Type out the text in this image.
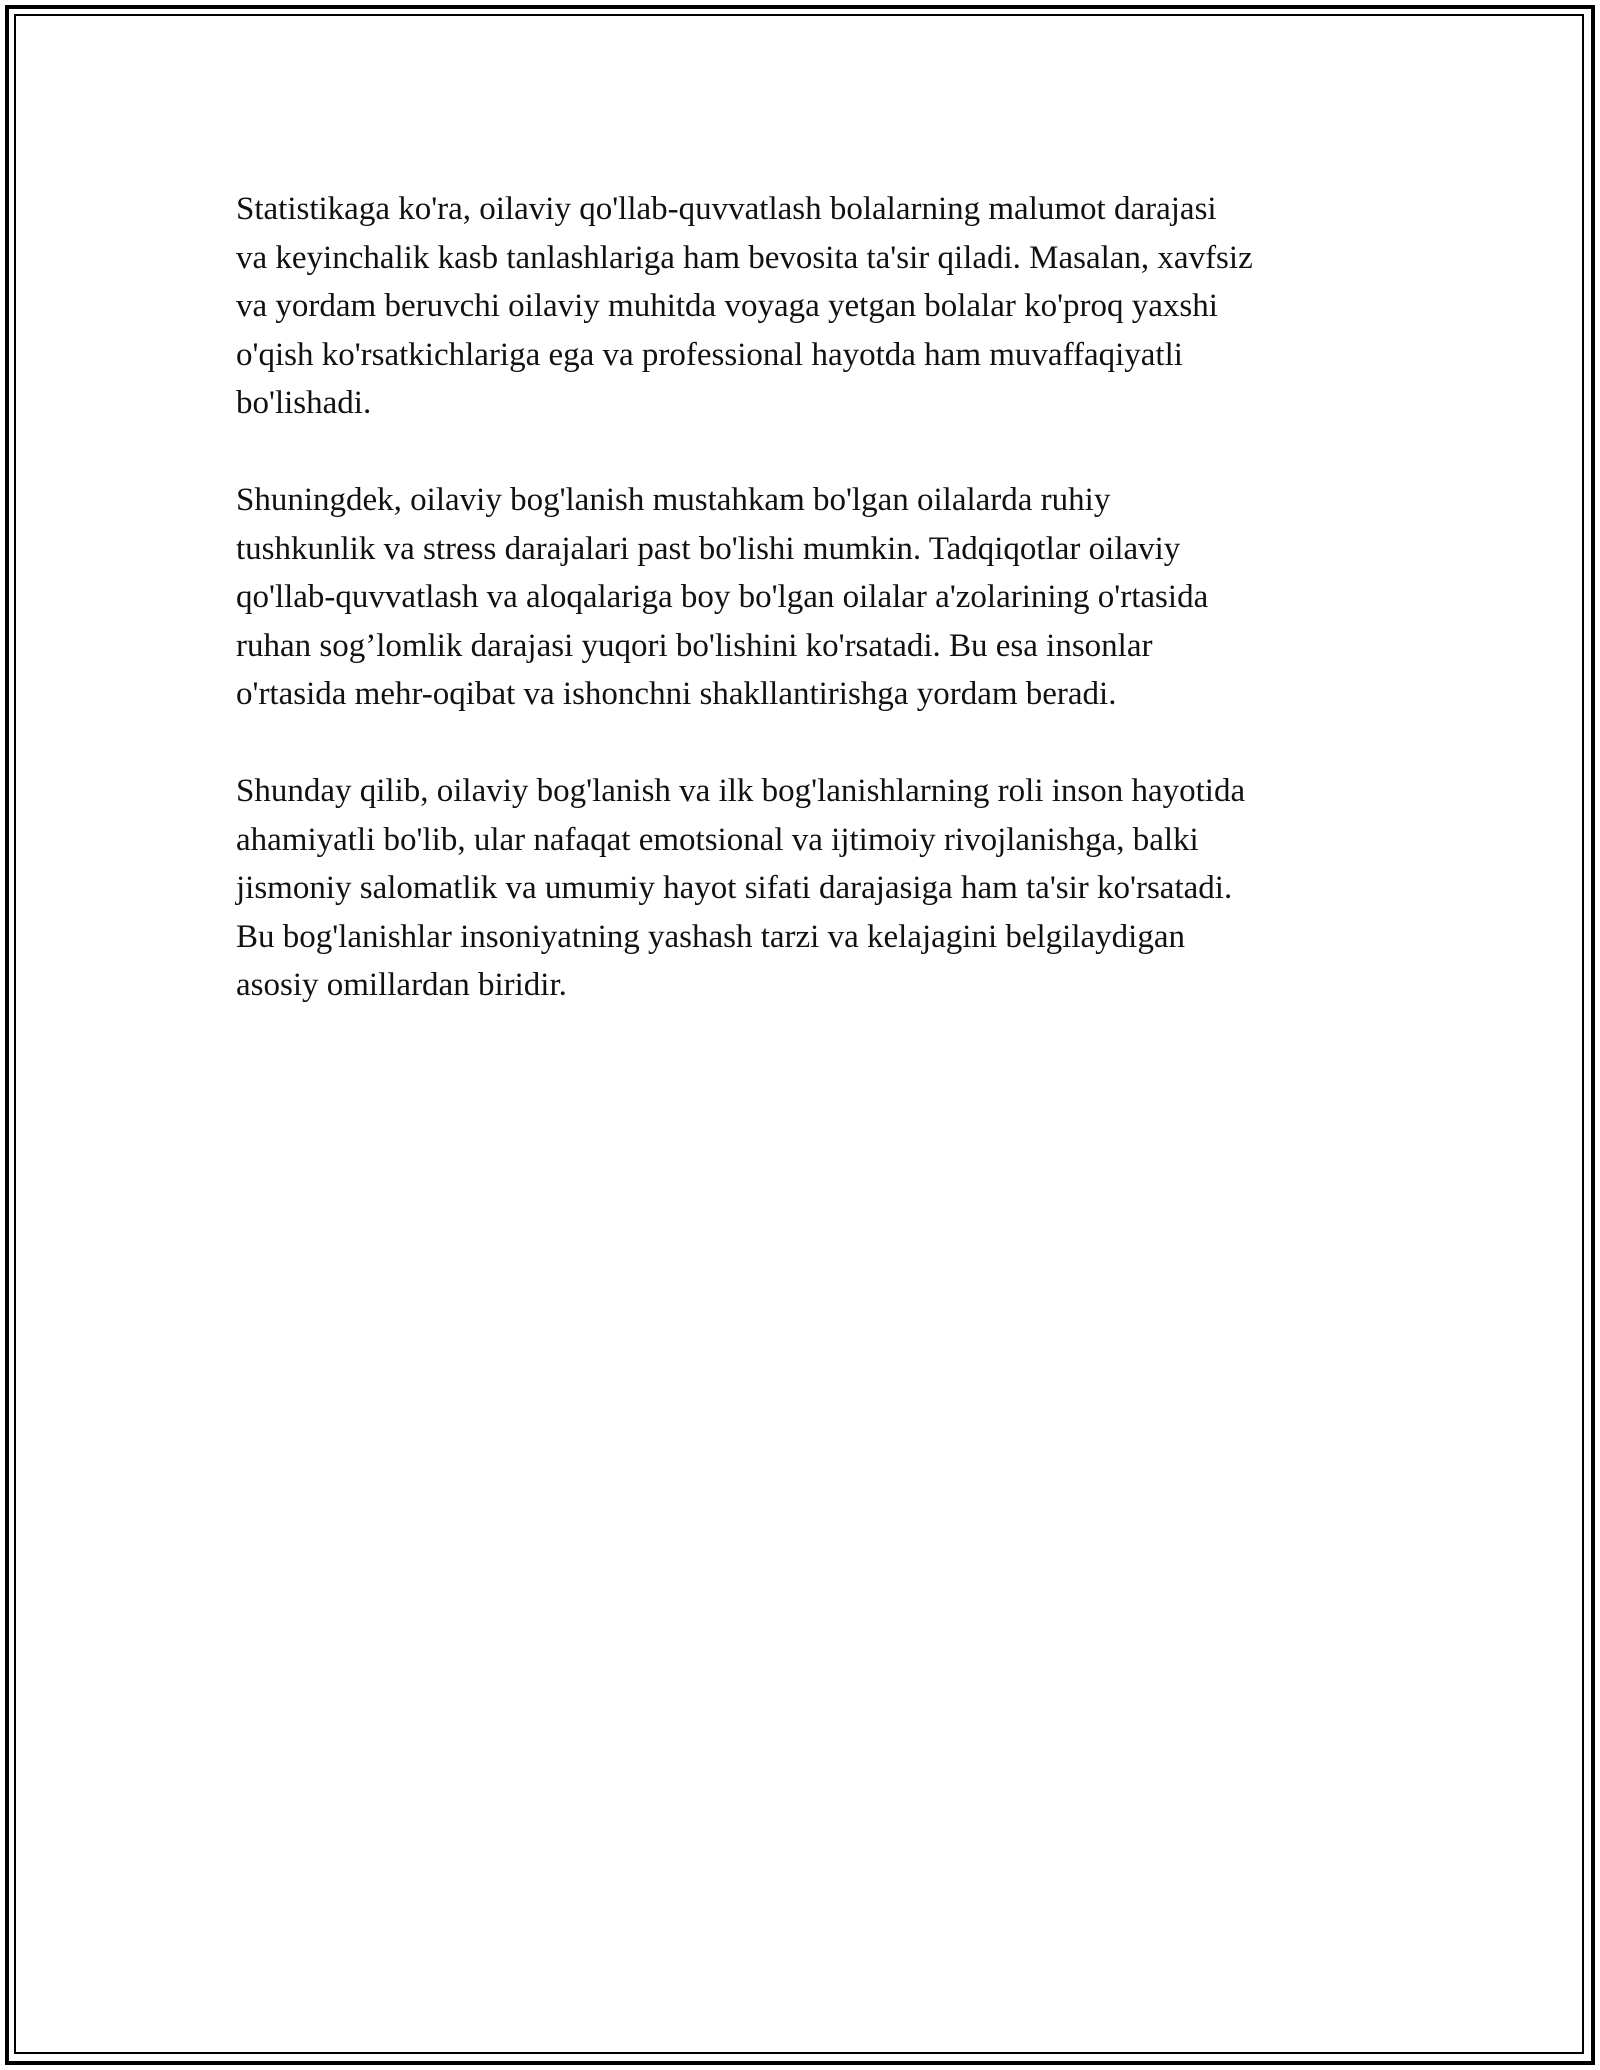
Statistikaga ko'ra, oilaviy qo'llab-quvvatlash bolalarning malumot darajasi
va keyinchalik kasb tanlashlariga ham bevosita ta'sir qiladi. Masalan, xavfsiz
va yordam beruvchi oilaviy muhitda voyaga yetgan bolalar ko'proq yaxshi
o'qish ko'rsatkichlariga ega va professional hayotda ham muvaffaqiyatli
bo'lishadi.

Shuningdek, oilaviy bog'lanish mustahkam bo'lgan oilalarda ruhiy
tushkunlik va stress darajalari past bo'lishi mumkin. Tadqiqotlar oilaviy
qo'llab-quvvatlash va aloqalariga boy bo'lgan oilalar a'zolarining o'rtasida
ruhan sog’lomlik darajasi yuqori bo'lishini ko'rsatadi. Bu esa insonlar
o'rtasida mehr-oqibat va ishonchni shakllantirishga yordam beradi.

Shunday qilib, oilaviy bog'lanish va ilk bog'lanishlarning roli inson hayotida
ahamiyatli bo'lib, ular nafaqat emotsional va ijtimoiy rivojlanishga, balki
jismoniy salomatlik va umumiy hayot sifati darajasiga ham ta'sir ko'rsatadi.
Bu bog'lanishlar insoniyatning yashash tarzi va kelajagini belgilaydigan
asosiy omillardan biridir.
